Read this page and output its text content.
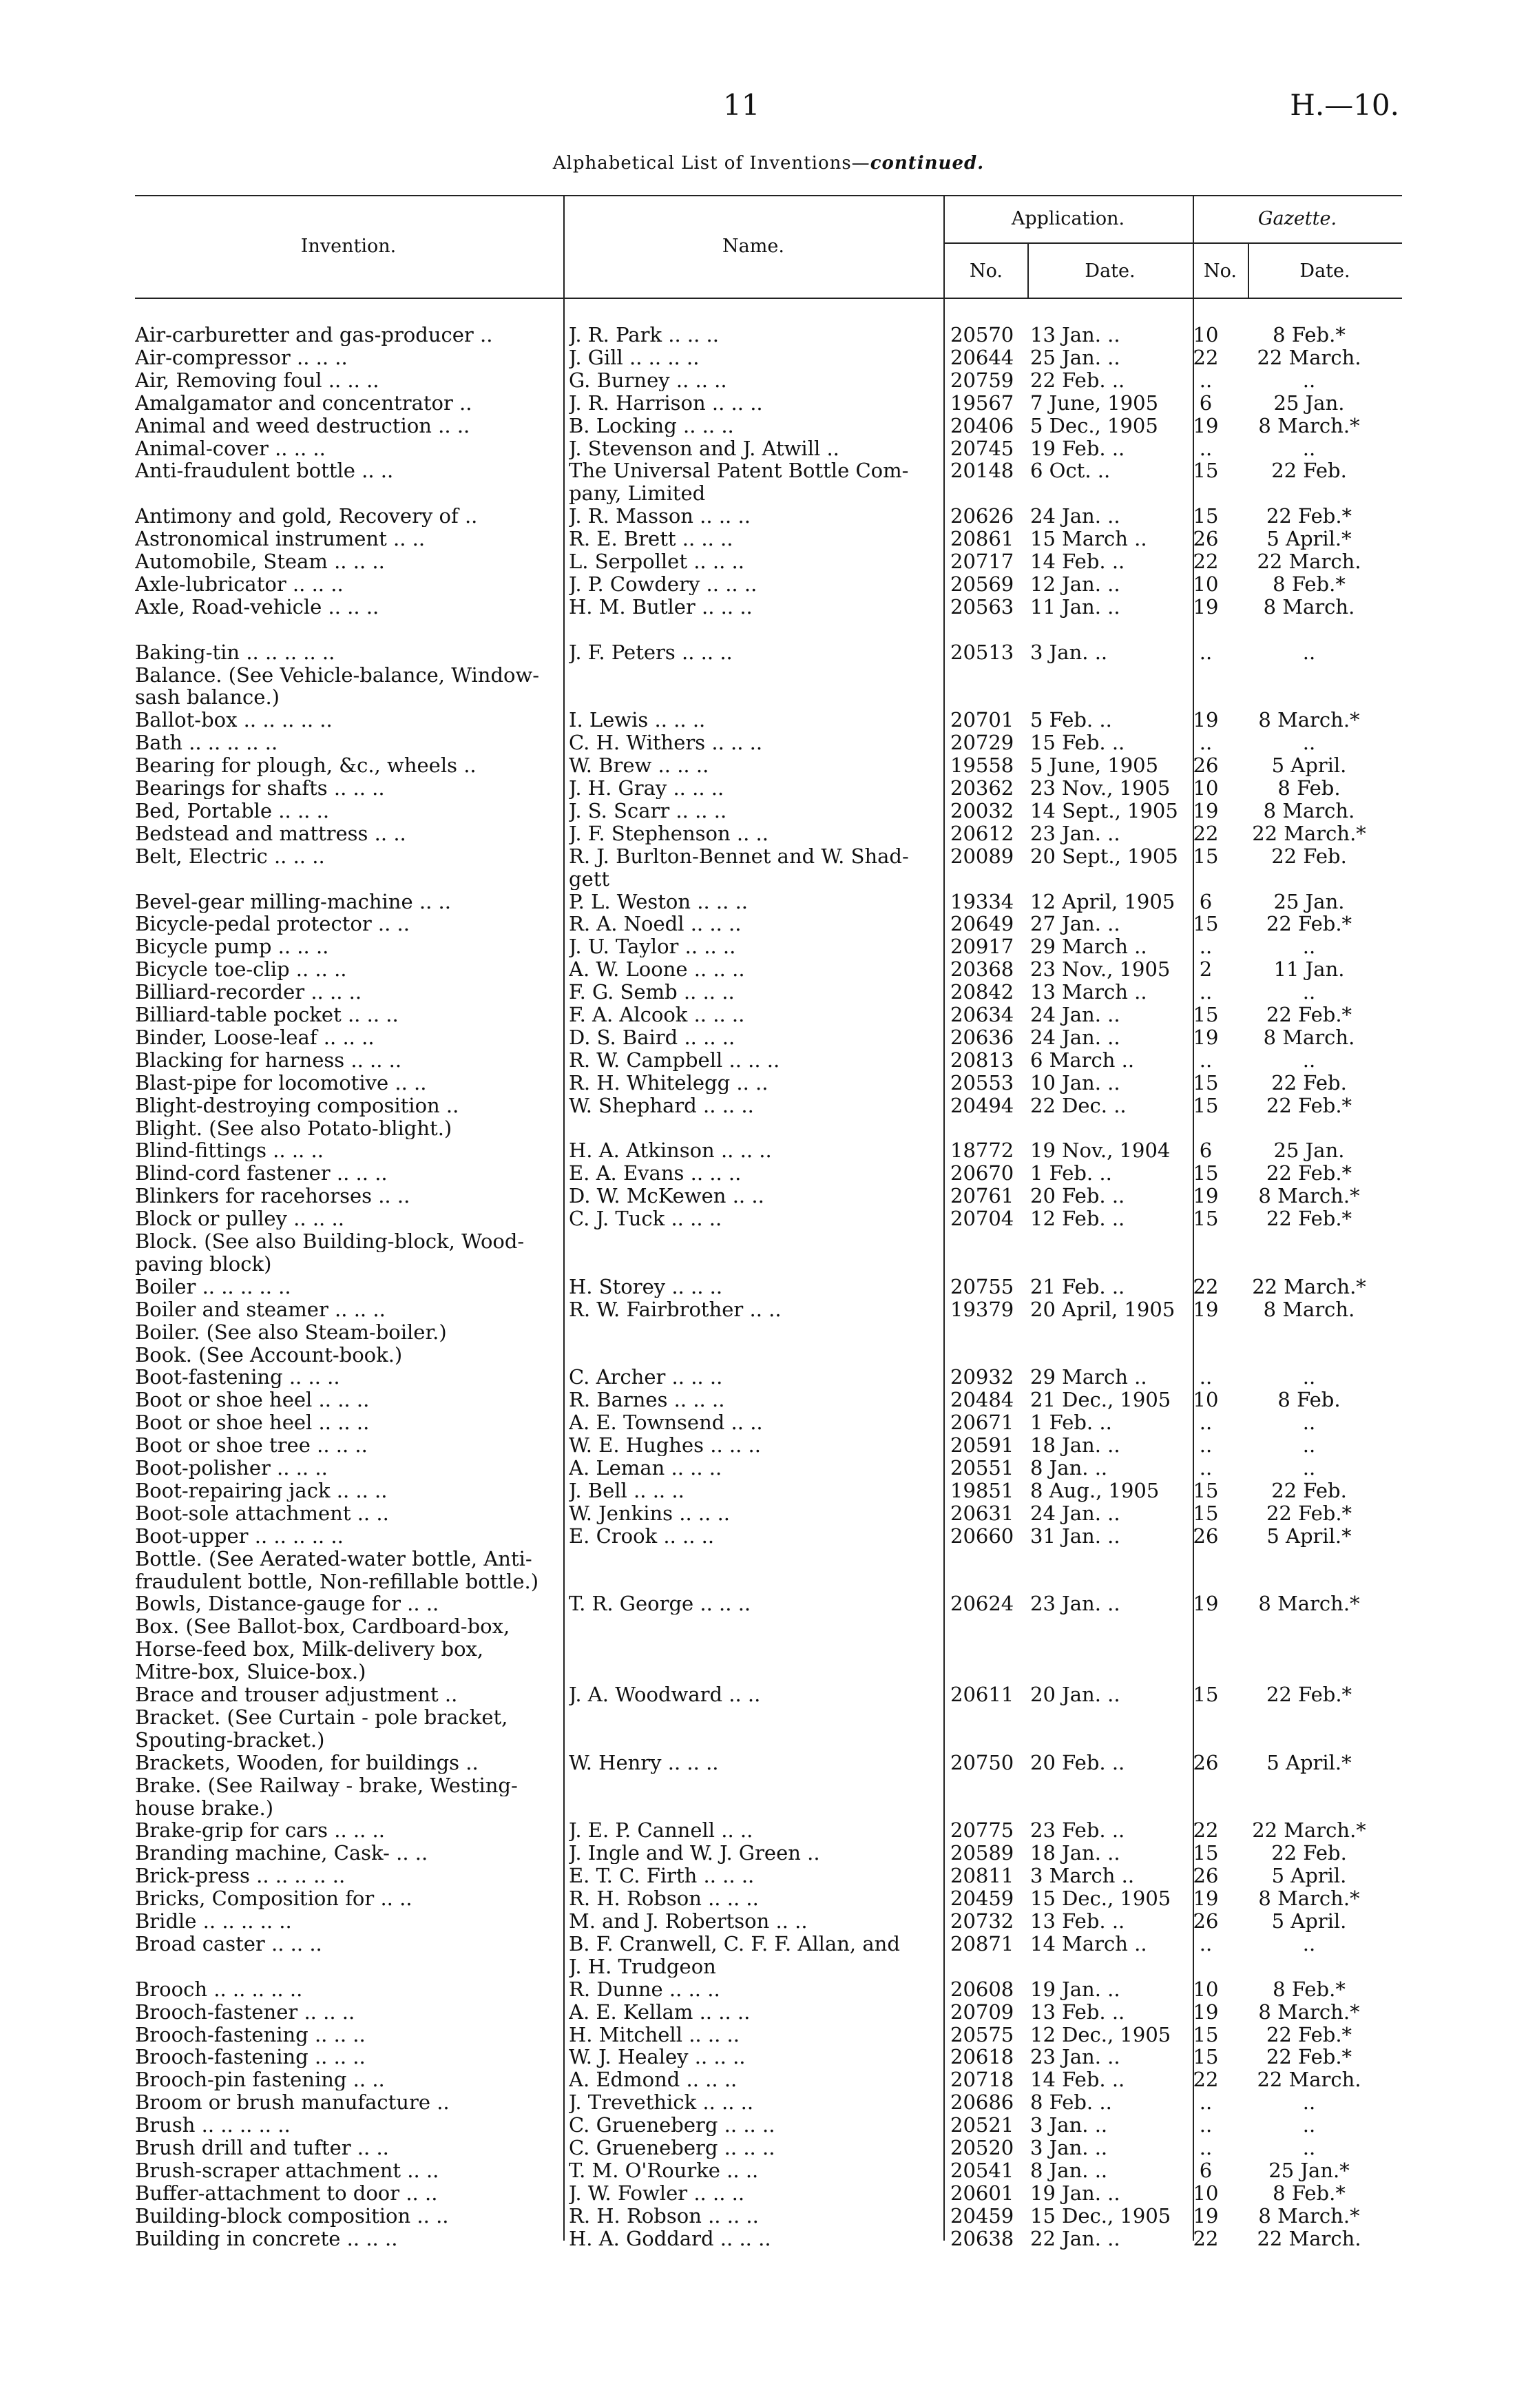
11	H.—10.
Alphabetical List of Inventions—continued.
Invention.	Name.
Application.
No.	Date.
Gazette.
No.	Date.
Air-carburetter and gas-producer ..	J. R. Park .. .. ..	20570 13 Jan. ..	10	8 Feb.*
Air-compressor .. .. ..	J. Gill .. .. .. ..	20644 25 Jan. ..	22	22 March.
Air, Removing foul .. .. ..	G. Burney .. .. ..	20759 22 Feb. ..	..	..
Amalgamator and concentrator ..	J. R. Harrison .. .. ..	19567 7 June, 1905	6	25 Jan.
Animal and weed destruction .. ..	B. Locking .. .. ..	20406 5 Dec., 1905	19	8 March.*
Animal-cover .. .. ..	J. Stevenson and J. Atwill ..	20745 19 Feb. ..	..	..
Anti-fraudulent bottle .. ..	The Universal Patent Bottle Com-	20148 6 Oct. ..	15	22 Feb.
pany, Limited
Antimony and gold, Recovery of ..	J. R. Masson .. .. ..	20626 24 Jan. ..	15	22 Feb.*
Astronomical instrument .. ..	R. E. Brett .. .. ..	20861 15 March ..	26	5 April.*
Automobile, Steam .. .. ..	L. Serpollet .. .. ..	20717 14 Feb. ..	22	22 March.
Axle-lubricator .. .. ..	J. P. Cowdery .. .. ..	20569 12 Jan. ..	10	8 Feb.*
Axle, Road-vehicle .. .. ..	H. M. Butler .. .. ..	20563 11 Jan. ..	19	8 March.
Baking-tin .. .. .. .. ..	J. F. Peters .. .. ..	20513 3 Jan. ..	..	..
Balance. (See Vehicle-balance, Window-
sash balance.)
Ballot-box .. .. .. .. ..	I. Lewis .. .. ..	20701 5 Feb. ..	19	8 March.*
Bath .. .. .. .. ..	C. H. Withers .. .. ..	20729 15 Feb. ..	..	..
Bearing for plough, &c., wheels ..	W. Brew .. .. ..	19558 5 June, 1905	26	5 April.
Bearings for shafts .. .. ..	J. H. Gray .. .. ..	20362 23 Nov., 1905	10	8 Feb.
Bed, Portable .. .. ..	J. S. Scarr .. .. ..	20032 14 Sept., 1905 19	8 March.
Bedstead and mattress .. ..	J. F. Stephenson .. ..	20612 23 Jan. ..	22	22 March.*
Belt, Electric .. .. ..	R. J. Burlton-Bennet and W. Shad-	20089 20 Sept., 1905 15	22 Feb.
gett
Bevel-gear milling-machine .. ..	P. L. Weston .. .. ..	19334 12 April, 1905	6	25 Jan.
Bicycle-pedal protector .. ..	R. A. Noedl .. .. ..	20649 27 Jan. ..	15	22 Feb.*
Bicycle pump .. .. ..	J. U. Taylor .. .. ..	20917 29 March ..	..	..
Bicycle toe-clip .. .. ..	A. W. Loone .. .. ..	20368 23 Nov., 1905	2	11 Jan.
Billiard-recorder .. .. ..	F. G. Semb .. .. ..	20842 13 March ..	..	..
Billiard-table pocket .. .. ..	F. A. Alcook .. .. ..	20634 24 Jan. ..	15	22 Feb.*
Binder, Loose-leaf .. .. ..	D. S. Baird .. .. ..	20636 24 Jan. ..	19	8 March.
Blacking for harness .. .. ..	R. W. Campbell .. .. ..	20813 6 March ..	..	..
Blast-pipe for locomotive .. ..	R. H. Whitelegg .. ..	20553 10 Jan. ..	15	22 Feb.
Blight-destroying composition ..	W. Shephard .. .. ..	20494 22 Dec. ..	15	22 Feb.*
Blight. (See also Potato-blight.)
Blind-fittings .. .. ..	H. A. Atkinson .. .. ..	18772 19 Nov., 1904	6	25 Jan.
Blind-cord fastener .. .. ..	E. A. Evans .. .. ..	20670 1 Feb. ..	15	22 Feb.*
Blinkers for racehorses .. ..	D. W. McKewen .. ..	20761 20 Feb. ..	19	8 March.*
Block or pulley .. .. ..	C. J. Tuck .. .. ..	20704 12 Feb. ..	15	22 Feb.*
Block. (See also Building-block, Wood-
paving block)
Boiler .. .. .. .. ..	H. Storey .. .. ..	20755 21 Feb. ..	22	22 March.*
Boiler and steamer .. .. ..	R. W. Fairbrother .. ..	19379 20 April, 1905 19	8 March.
Boiler. (See also Steam-boiler.)
Book. (See Account-book.)
Boot-fastening .. .. ..	C. Archer .. .. ..	20932 29 March ..	..	..
Boot or shoe heel .. .. ..	R. Barnes .. .. ..	20484 21 Dec., 1905	10	8 Feb.
Boot or shoe heel .. .. ..	A. E. Townsend .. ..	20671 1 Feb. ..	..	..
Boot or shoe tree .. .. ..	W. E. Hughes .. .. ..	20591 18 Jan. ..	..	..
Boot-polisher .. .. ..	A. Leman .. .. ..	20551 8 Jan. ..	..	..
Boot-repairing jack .. .. ..	J. Bell .. .. ..	19851 8 Aug., 1905	15	22 Feb.
Boot-sole attachment .. ..	W. Jenkins .. .. ..	20631 24 Jan. ..	15	22 Feb.*
Boot-upper .. .. .. .. ..	E. Crook .. .. ..	20660 31 Jan. ..	26	5 April.*
Bottle. (See Aerated-water bottle, Anti-
fraudulent bottle, Non-refillable bottle.)
Bowls, Distance-gauge for .. ..	T. R. George .. .. ..	20624 23 Jan. ..	19	8 March.*
Box. (See Ballot-box, Cardboard-box,
Horse-feed box, Milk-delivery box,
Mitre-box, Sluice-box.)
Brace and trouser adjustment ..	J. A. Woodward .. ..	20611 20 Jan. ..	15	22 Feb.*
Bracket. (See Curtain - pole bracket,
Spouting-bracket.)
Brackets, Wooden, for buildings ..	W. Henry .. .. ..	20750 20 Feb. ..	26	5 April.*
Brake. (See Railway - brake, Westing-
house brake.)
Brake-grip for cars .. .. ..	J. E. P. Cannell .. ..	20775 23 Feb. ..	22	22 March.*
Branding machine, Cask- .. ..	J. Ingle and W. J. Green ..	20589 18 Jan. ..	15	22 Feb.
Brick-press .. .. .. .. ..	E. T. C. Firth .. .. ..	20811 3 March ..	26	5 April.
Bricks, Composition for .. ..	R. H. Robson .. .. ..	20459 15 Dec., 1905	19	8 March.*
Bridle .. .. .. .. ..	M. and J. Robertson .. ..	20732 13 Feb. ..	26	5 April.
Broad caster .. .. ..	B. F. Cranwell, C. F. F. Allan, and	20871 14 March ..	..	..
J. H. Trudgeon
Brooch .. .. .. .. ..	R. Dunne .. .. ..	20608 19 Jan. ..	10	8 Feb.*
Brooch-fastener .. .. ..	A. E. Kellam .. .. ..	20709 13 Feb. ..	19	8 March.*
Brooch-fastening .. .. ..	H. Mitchell .. .. ..	20575 12 Dec., 1905	15	22 Feb.*
Brooch-fastening .. .. ..	W. J. Healey .. .. ..	20618 23 Jan. ..	15	22 Feb.*
Brooch-pin fastening .. ..	A. Edmond .. .. ..	20718 14 Feb. ..	22	22 March.
Broom or brush manufacture ..	J. Trevethick .. .. ..	20686 8 Feb. ..	..	..
Brush .. .. .. .. ..	C. Grueneberg .. .. ..	20521 3 Jan. ..	..	..
Brush drill and tufter .. ..	C. Grueneberg .. .. ..	20520 3 Jan. ..	..	..
Brush-scraper attachment .. ..	T. M. O'Rourke .. ..	20541 8 Jan. ..	6	25 Jan.*
Buffer-attachment to door .. ..	J. W. Fowler .. .. ..	20601 19 Jan. ..	10	8 Feb.*
Building-block composition .. ..	R. H. Robson .. .. ..	20459 15 Dec., 1905	19	8 March.*
Building in concrete .. .. ..	H. A. Goddard .. .. ..	20638 22 Jan. ..	22	22 March.
